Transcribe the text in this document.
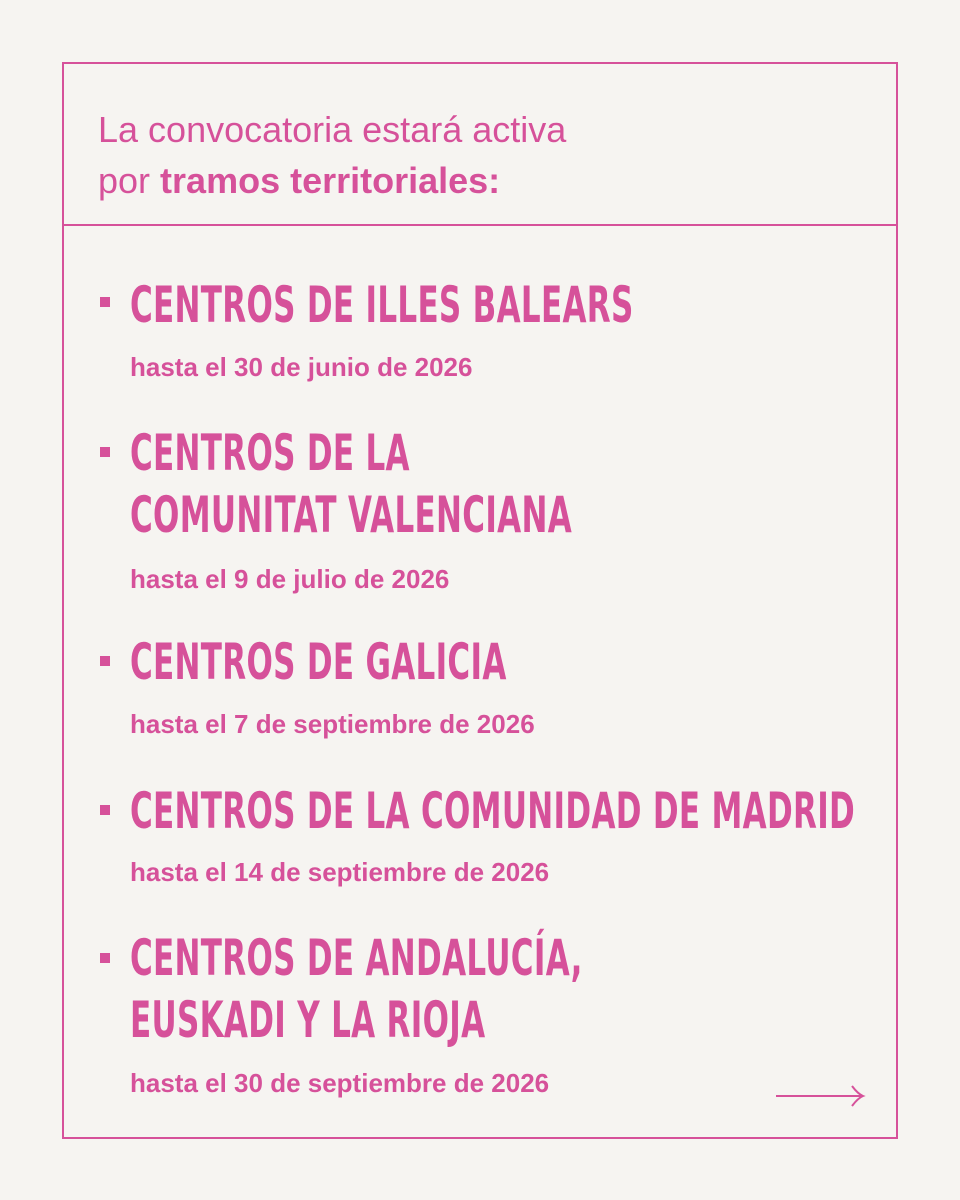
La convocatoria estará activa
por tramos territoriales:

CENTROS DE ILLES BALEARS

hasta el 30 de junio de 2026

CENTROS DE LA
COMUNITAT VALENCIANA

hasta el 9 de julio de 2026

CENTROS DE GALICIA

hasta el 7 de septiembre de 2026

CENTROS DE LA COMUNIDAD DE MADRID

hasta el 14 de septiembre de 2026

CENTROS DE ANDALUCÍA,
EUSKADI Y LA RIOJA

hasta el 30 de septiembre de 2026
